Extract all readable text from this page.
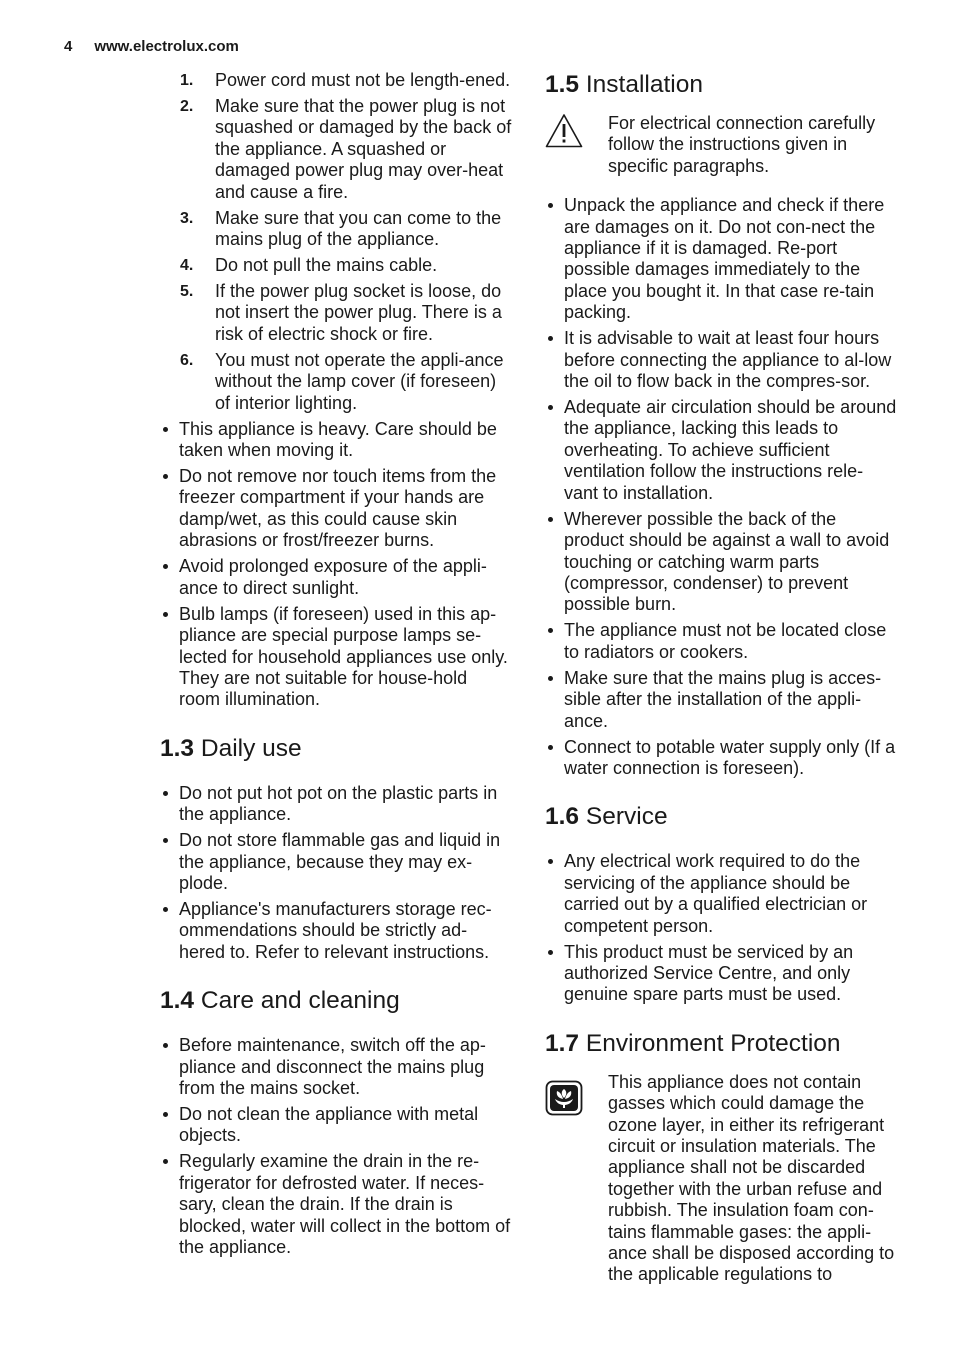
4 www.electrolux.com
1. Power cord must not be length-ened.
2. Make sure that the power plug is not squashed or damaged by the back of the appliance. A squashed or damaged power plug may over-heat and cause a fire.
3. Make sure that you can come to the mains plug of the appliance.
4. Do not pull the mains cable.
5. If the power plug socket is loose, do not insert the power plug. There is a risk of electric shock or fire.
6. You must not operate the appli-ance without the lamp cover (if foreseen) of interior lighting.
This appliance is heavy. Care should be taken when moving it.
Do not remove nor touch items from the freezer compartment if your hands are damp/wet, as this could cause skin abrasions or frost/freezer burns.
Avoid prolonged exposure of the appli-ance to direct sunlight.
Bulb lamps (if foreseen) used in this ap-pliance are special purpose lamps se-lected for household appliances use only. They are not suitable for house-hold room illumination.
1.3 Daily use
Do not put hot pot on the plastic parts in the appliance.
Do not store flammable gas and liquid in the appliance, because they may ex-plode.
Appliance's manufacturers storage rec-ommendations should be strictly ad-hered to. Refer to relevant instructions.
1.4 Care and cleaning
Before maintenance, switch off the ap-pliance and disconnect the mains plug from the mains socket.
Do not clean the appliance with metal objects.
Regularly examine the drain in the re-frigerator for defrosted water. If neces-sary, clean the drain. If the drain is blocked, water will collect in the bottom of the appliance.
1.5 Installation
For electrical connection carefully follow the instructions given in specific paragraphs.
Unpack the appliance and check if there are damages on it. Do not con-nect the appliance if it is damaged. Re-port possible damages immediately to the place you bought it. In that case re-tain packing.
It is advisable to wait at least four hours before connecting the appliance to al-low the oil to flow back in the compres-sor.
Adequate air circulation should be around the appliance, lacking this leads to overheating. To achieve sufficient ventilation follow the instructions rele-vant to installation.
Wherever possible the back of the product should be against a wall to avoid touching or catching warm parts (compressor, condenser) to prevent possible burn.
The appliance must not be located close to radiators or cookers.
Make sure that the mains plug is acces-sible after the installation of the appli-ance.
Connect to potable water supply only (If a water connection is foreseen).
1.6 Service
Any electrical work required to do the servicing of the appliance should be carried out by a qualified electrician or competent person.
This product must be serviced by an authorized Service Centre, and only genuine spare parts must be used.
1.7 Environment Protection
This appliance does not contain gasses which could damage the ozone layer, in either its refrigerant circuit or insulation materials. The appliance shall not be discarded together with the urban refuse and rubbish. The insulation foam con-tains flammable gases: the appli-ance shall be disposed according to the applicable regulations to
